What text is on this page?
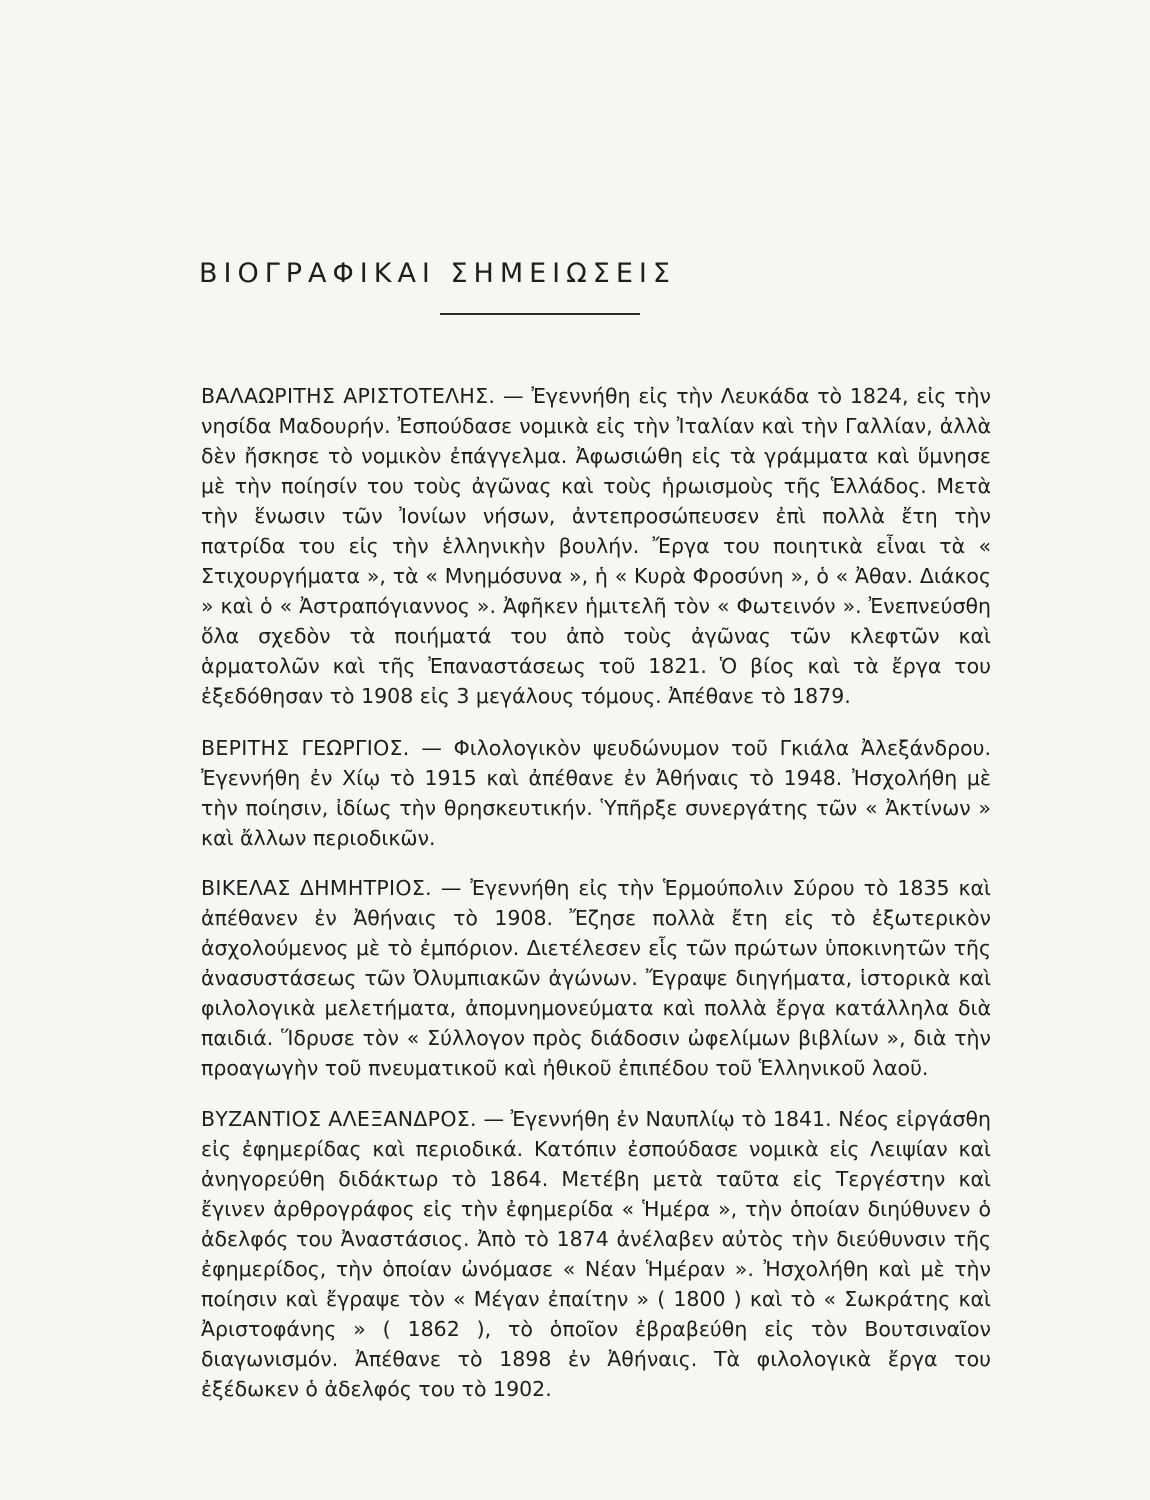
ΒΙΟΓΡΑΦΙΚΑΙ ΣΗΜΕΙΩΣΕΙΣ

ΒΑΛΑΩΡΙΤΗΣ ΑΡΙΣΤΟΤΕΛΗΣ. — Ἐγεννήθη εἰς τὴν Λευκάδα τὸ 1824, εἰς τὴν νησίδα Μαδουρήν. Ἐσπούδασε νομικὰ εἰς τὴν Ἰταλίαν καὶ τὴν Γαλλίαν, ἀλλὰ δὲν ἤσκησε τὸ νομικὸν ἐπάγγελμα. Ἀφωσιώθη εἰς τὰ γράμματα καὶ ὕμνησε μὲ τὴν ποίησίν του τοὺς ἀγῶνας καὶ τοὺς ἡρωισμοὺς τῆς Ἑλλάδος. Μετὰ τὴν ἕνωσιν τῶν Ἰονίων νήσων, ἀντεπροσώπευσεν ἐπὶ πολλὰ ἔτη τὴν πατρίδα του εἰς τὴν ἑλληνικὴν βουλήν. Ἔργα του ποιητικὰ εἶναι τὰ « Στιχουργήματα », τὰ « Μνημόσυνα », ἡ « Κυρὰ Φροσύνη », ὁ « Ἀθαν. Διάκος » καὶ ὁ « Ἀστραπόγιαννος ». Ἀφῆκεν ἡμιτελῆ τὸν « Φωτεινόν ». Ἐνεπνεύσθη ὅλα σχεδὸν τὰ ποιήματά του ἀπὸ τοὺς ἀγῶνας τῶν κλεφτῶν καὶ ἁρματολῶν καὶ τῆς Ἐπαναστάσεως τοῦ 1821. Ὁ βίος καὶ τὰ ἔργα του ἐξεδόθησαν τὸ 1908 εἰς 3 μεγάλους τόμους. Ἀπέθανε τὸ 1879.

ΒΕΡΙΤΗΣ ΓΕΩΡΓΙΟΣ. — Φιλολογικὸν ψευδώνυμον τοῦ Γκιάλα Ἀλεξάνδρου. Ἐγεννήθη ἐν Χίῳ τὸ 1915 καὶ ἀπέθανε ἐν Ἀθήναις τὸ 1948. Ἠσχολήθη μὲ τὴν ποίησιν, ἰδίως τὴν θρησκευτικήν. Ὑπῆρξε συνεργάτης τῶν « Ἀκτίνων » καὶ ἄλλων περιοδικῶν.

ΒΙΚΕΛΑΣ ΔΗΜΗΤΡΙΟΣ. — Ἐγεννήθη εἰς τὴν Ἑρμούπολιν Σύρου τὸ 1835 καὶ ἀπέθανεν ἐν Ἀθήναις τὸ 1908. Ἔζησε πολλὰ ἔτη εἰς τὸ ἐξωτερικὸν ἀσχολούμενος μὲ τὸ ἐμπόριον. Διετέλεσεν εἷς τῶν πρώτων ὑποκινητῶν τῆς ἀνασυστάσεως τῶν Ὀλυμπιακῶν ἀγώνων. Ἔγραψε διηγήματα, ἱστορικὰ καὶ φιλολογικὰ μελετήματα, ἀπομνημονεύματα καὶ πολλὰ ἔργα κατάλληλα διὰ παιδιά. Ἵδρυσε τὸν « Σύλλογον πρὸς διάδοσιν ὠφελίμων βιβλίων », διὰ τὴν προαγωγὴν τοῦ πνευματικοῦ καὶ ἠθικοῦ ἐπιπέδου τοῦ Ἑλληνικοῦ λαοῦ.

ΒΥΖΑΝΤΙΟΣ ΑΛΕΞΑΝΔΡΟΣ. — Ἐγεννήθη ἐν Ναυπλίῳ τὸ 1841. Νέος εἰργάσθη εἰς ἐφημερίδας καὶ περιοδικά. Κατόπιν ἐσπούδασε νομικὰ εἰς Λειψίαν καὶ ἀνηγορεύθη διδάκτωρ τὸ 1864. Μετέβη μετὰ ταῦτα εἰς Τεργέστην καὶ ἔγινεν ἀρθρογράφος εἰς τὴν ἐφημερίδα « Ἡμέρα », τὴν ὁποίαν διηύθυνεν ὁ ἀδελφός του Ἀναστάσιος. Ἀπὸ τὸ 1874 ἀνέλαβεν αὐτὸς τὴν διεύθυνσιν τῆς ἐφημερίδος, τὴν ὁποίαν ὠνόμασε « Νέαν Ἡμέραν ». Ἠσχολήθη καὶ μὲ τὴν ποίησιν καὶ ἔγραψε τὸν « Μέγαν ἐπαίτην » ( 1800 ) καὶ τὸ « Σωκράτης καὶ Ἀριστοφάνης » ( 1862 ), τὸ ὁποῖον ἐβραβεύθη εἰς τὸν Βουτσιναῖον διαγωνισμόν. Ἀπέθανε τὸ 1898 ἐν Ἀθήναις. Τὰ φιλολογικὰ ἔργα του ἐξέδωκεν ὁ ἀδελφός του τὸ 1902.
